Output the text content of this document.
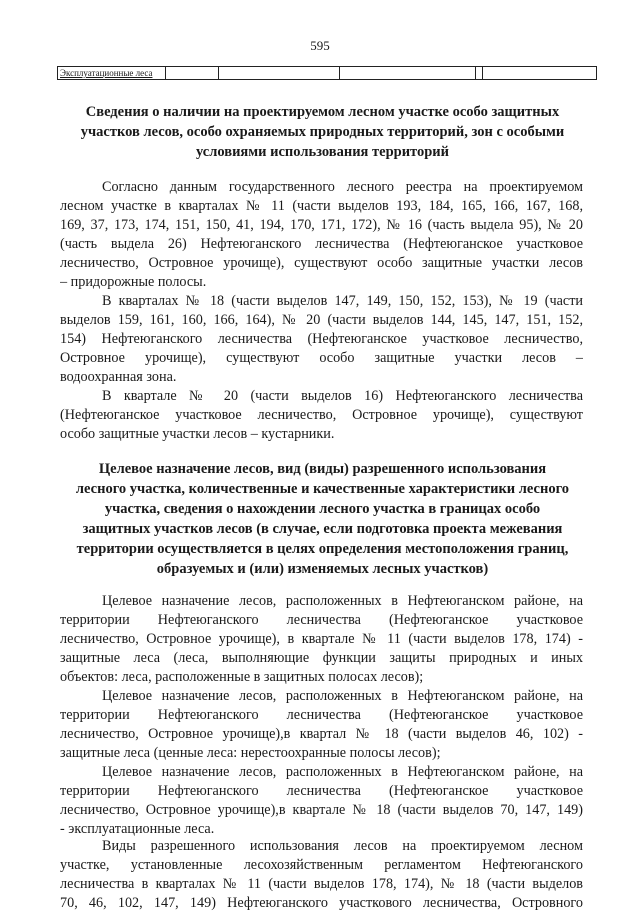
595
Эксплуатационные леса
Сведения о наличии на проектируемом лесном участке особо защитных
участков лесов, особо охраняемых природных территорий, зон с особыми
условиями использования территорий
Согласно данным государственного лесного реестра на проектируемом
лесном участке в кварталах № 11 (части выделов 193, 184, 165, 166, 167, 168,
169, 37, 173, 174, 151, 150, 41, 194, 170, 171, 172), № 16 (часть выдела 95), № 20
(часть выдела 26) Нефтеюганского лесничества (Нефтеюганское участковое
лесничество, Островное урочище), существуют особо защитные участки лесов
– придорожные полосы.
В кварталах № 18 (части выделов 147, 149, 150, 152, 153), № 19 (части
выделов 159, 161, 160, 166, 164), № 20 (части выделов 144, 145, 147, 151, 152,
154) Нефтеюганского лесничества (Нефтеюганское участковое лесничество,
Островное урочище), существуют особо защитные участки лесов –
водоохранная зона.
В квартале № 20 (части выделов 16) Нефтеюганского лесничества
(Нефтеюганское участковое лесничество, Островное урочище), существуют
особо защитные участки лесов – кустарники.
Целевое назначение лесов, вид (виды) разрешенного использования
лесного участка, количественные и качественные характеристики лесного
участка, сведения о нахождении лесного участка в границах особо
защитных участков лесов (в случае, если подготовка проекта межевания
территории осуществляется в целях определения местоположения границ,
образуемых и (или) изменяемых лесных участков)
Целевое назначение лесов, расположенных в Нефтеюганском районе, на
территории Нефтеюганского лесничества (Нефтеюганское участковое
лесничество, Островное урочище), в квартале № 11 (части выделов 178, 174) -
защитные леса (леса, выполняющие функции защиты природных и иных
объектов: леса, расположенные в защитных полосах лесов);
Целевое назначение лесов, расположенных в Нефтеюганском районе, на
территории Нефтеюганского лесничества (Нефтеюганское участковое
лесничество, Островное урочище),в квартал № 18 (части выделов 46, 102) -
защитные леса (ценные леса: нерестоохранные полосы лесов);
Целевое назначение лесов, расположенных в Нефтеюганском районе, на
территории Нефтеюганского лесничества (Нефтеюганское участковое
лесничество, Островное урочище),в квартале № 18 (части выделов 70, 147, 149)
- эксплуатационные леса.
Виды разрешенного использования лесов на проектируемом лесном
участке, установленные лесохозяйственным регламентом Нефтеюганского
лесничества в кварталах № 11 (части выделов 178, 174), № 18 (части выделов
70, 46, 102, 147, 149) Нефтеюганского участкового лесничества, Островного
